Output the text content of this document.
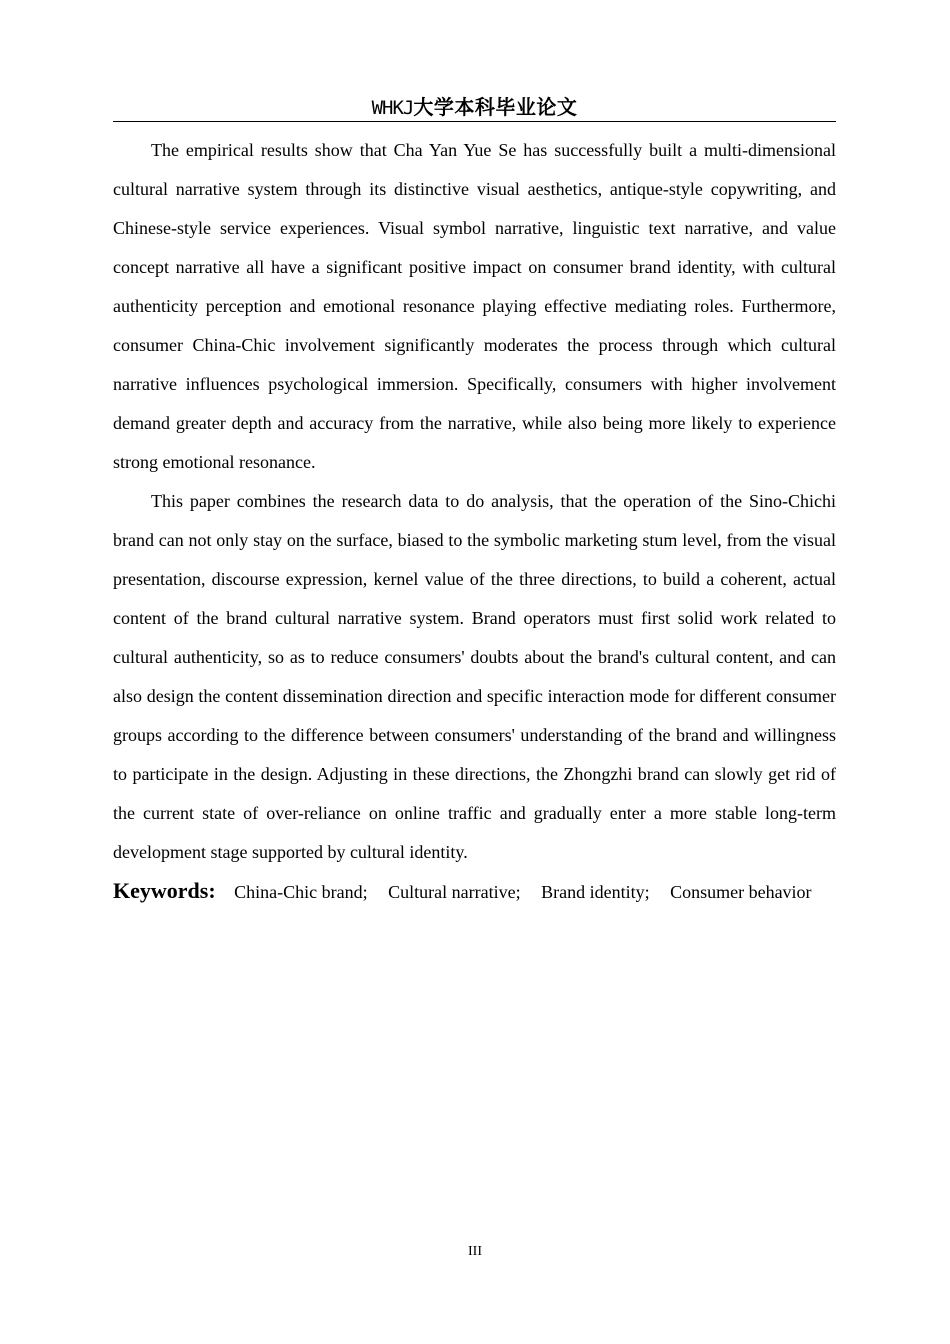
WHKJ大学本科毕业论文

The empirical results show that Cha Yan Yue Se has successfully built a multi-dimensional cultural narrative system through its distinctive visual aesthetics, antique-style copywriting, and Chinese-style service experiences. Visual symbol narrative, linguistic text narrative, and value concept narrative all have a significant positive impact on consumer brand identity, with cultural authenticity perception and emotional resonance playing effective mediating roles. Furthermore, consumer China-Chic involvement significantly moderates the process through which cultural narrative influences psychological immersion. Specifically, consumers with higher involvement demand greater depth and accuracy from the narrative, while also being more likely to experience strong emotional resonance.

This paper combines the research data to do analysis, that the operation of the Sino-Chichi brand can not only stay on the surface, biased to the symbolic marketing stum level, from the visual presentation, discourse expression, kernel value of the three directions, to build a coherent, actual content of the brand cultural narrative system. Brand operators must first solid work related to cultural authenticity, so as to reduce consumers' doubts about the brand's cultural content, and can also design the content dissemination direction and specific interaction mode for different consumer groups according to the difference between consumers' understanding of the brand and willingness to participate in the design. Adjusting in these directions, the Zhongzhi brand can slowly get rid of the current state of over-reliance on online traffic and gradually enter a more stable long-term development stage supported by cultural identity.

Keywords: China-Chic brand; Cultural narrative; Brand identity; Consumer behavior

III
